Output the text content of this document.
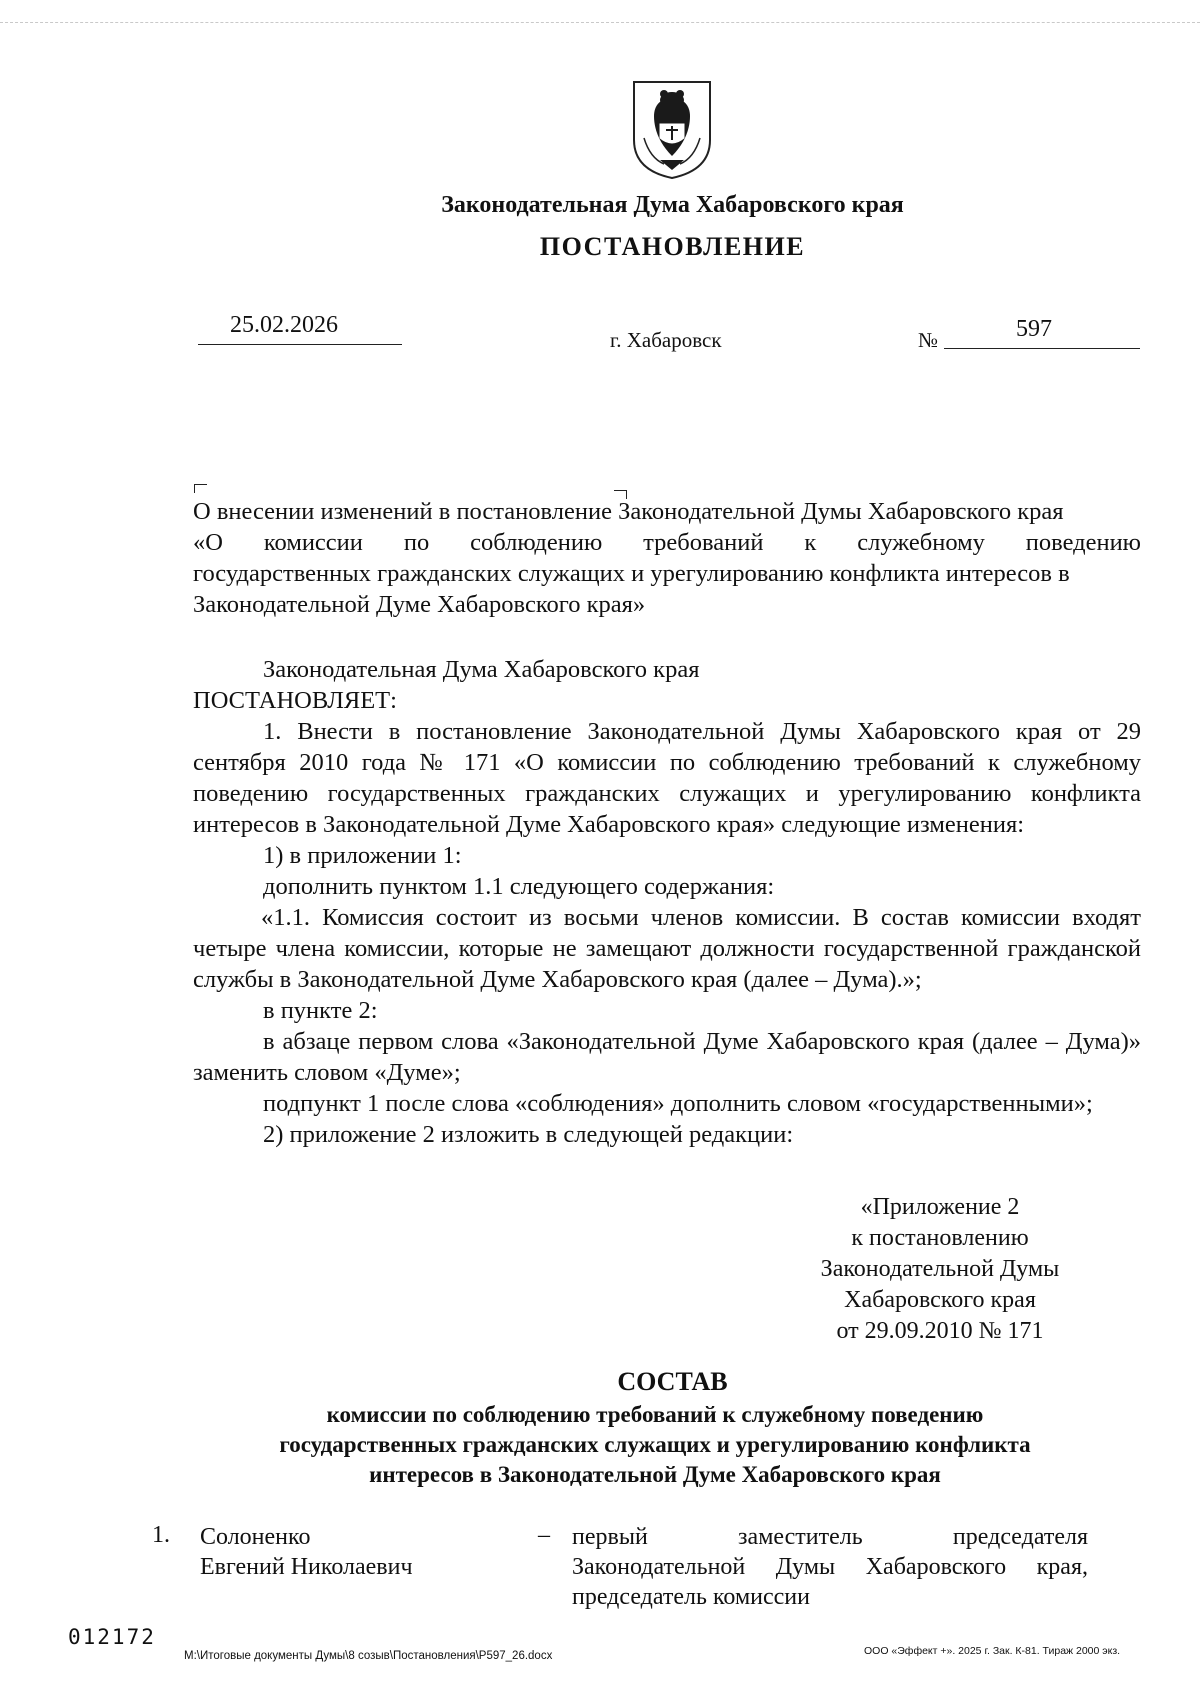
Законодательная Дума Хабаровского края
ПОСТАНОВЛЕНИЕ
25.02.2026
г. Хабаровск	№	597
О внесении изменений в постановление Законодательной Думы Хабаровского края
«О комиссии по соблюдению требований к служебному поведению
государственных гражданских служащих и урегулированию конфликта интересов в
Законодательной Думе Хабаровского края»

Законодательная Дума Хабаровского края

ПОСТАНОВЛЯЕТ:

1. Внести в постановление Законодательной Думы Хабаровского края от 29 сентября 2010 года № 171 «О комиссии по соблюдению требований к служебному поведению государственных гражданских служащих и урегулированию конфликта интересов в Законодательной Думе Хабаровского края» следующие изменения:

1) в приложении 1:

дополнить пунктом 1.1 следующего содержания:

«1.1. Комиссия состоит из восьми членов комиссии. В состав комиссии входят четыре члена комиссии, которые не замещают должности государственной гражданской службы в Законодательной Думе Хабаровского края (далее – Дума).»;

в пункте 2:

в абзаце первом слова «Законодательной Думе Хабаровского края (далее – Дума)» заменить словом «Думе»;

подпункт 1 после слова «соблюдения» дополнить словом «государственными»;

2) приложение 2 изложить в следующей редакции:

«Приложение 2
к постановлению
Законодательной Думы
Хабаровского края
от 29.09.2010 № 171
СОСТАВ
комиссии по соблюдению требований к служебному поведению
государственных гражданских служащих и урегулированию конфликта
интересов в Законодательной Думе Хабаровского края
1. Солоненко
Евгений Николаевич
– первый заместитель председателя
Законодательной Думы Хабаровского края,
председатель комиссии
012172
M:\Итоговые документы Думы\8 созыв\Постановления\P597_26.docx	ООО «Эффект +». 2025 г. Зак. К-81. Тираж 2000 экз.
